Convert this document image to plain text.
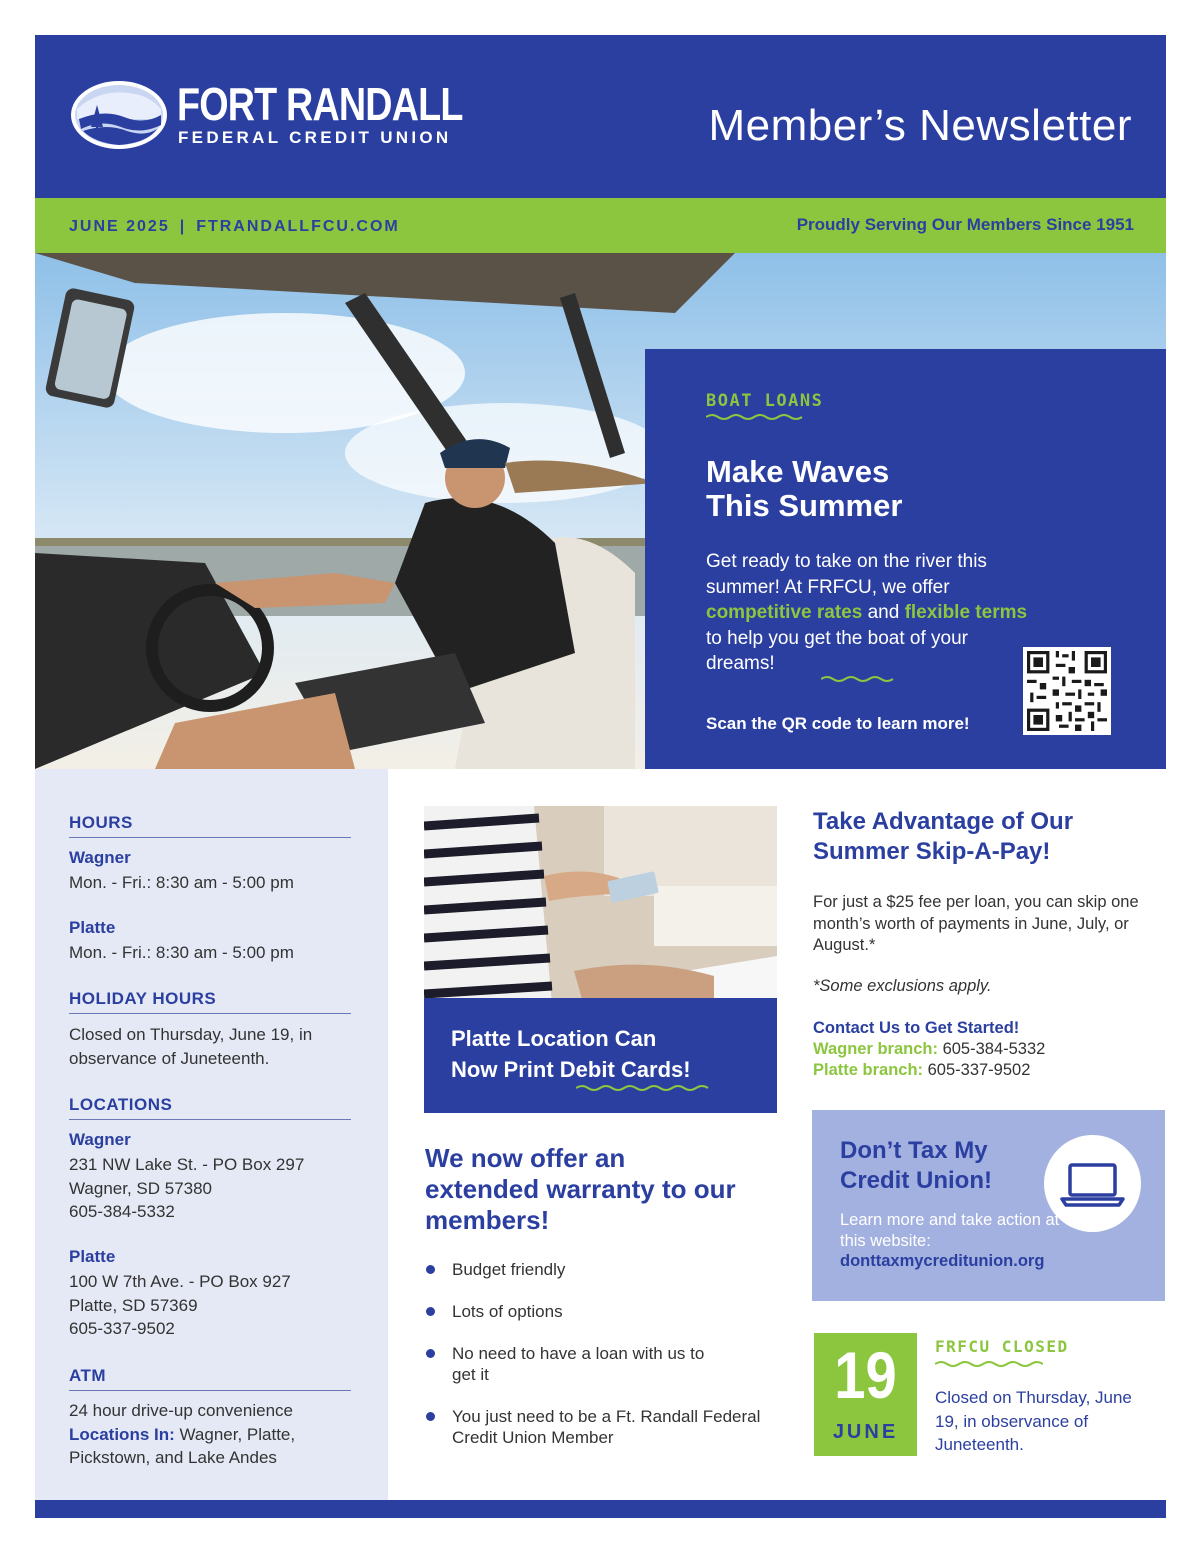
FORT RANDALL
FEDERAL CREDIT UNION	Member’s Newsletter
JUNE 2025 | FTRANDALLFCU.COM	Proudly Serving Our Members Since 1951
BOAT LOANS
Make Waves
This Summer
Get ready to take on the river this summer! At FRFCU, we offer competitive rates and flexible terms to help you get the boat of your dreams!
Scan the QR code to learn more!
HOURS
Wagner
Mon. - Fri.: 8:30 am - 5:00 pm
Platte
Mon. - Fri.: 8:30 am - 5:00 pm
HOLIDAY HOURS
Closed on Thursday, June 19, in observance of Juneteenth.
LOCATIONS
Wagner
231 NW Lake St. - PO Box 297
Wagner, SD 57380
605-384-5332
Platte
100 W 7th Ave. - PO Box 927
Platte, SD 57369
605-337-9502
ATM
24 hour drive-up convenience
Locations In: Wagner, Platte, Pickstown, and Lake Andes
Platte Location Can
Now Print Debit Cards!
We now offer an extended warranty to our members!
Budget friendly
Lots of options
No need to have a loan with us to get it
You just need to be a Ft. Randall Federal Credit Union Member
Take Advantage of Our Summer Skip-A-Pay!
For just a $25 fee per loan, you can skip one month’s worth of payments in June, July, or August.*
*Some exclusions apply.
Contact Us to Get Started!
Wagner branch: 605-384-5332
Platte branch: 605-337-9502
Don’t Tax My Credit Union!
Learn more and take action at this website:
donttaxmycreditunion.org
19
JUNE
FRFCU CLOSED
Closed on Thursday, June 19, in observance of Juneteenth.
